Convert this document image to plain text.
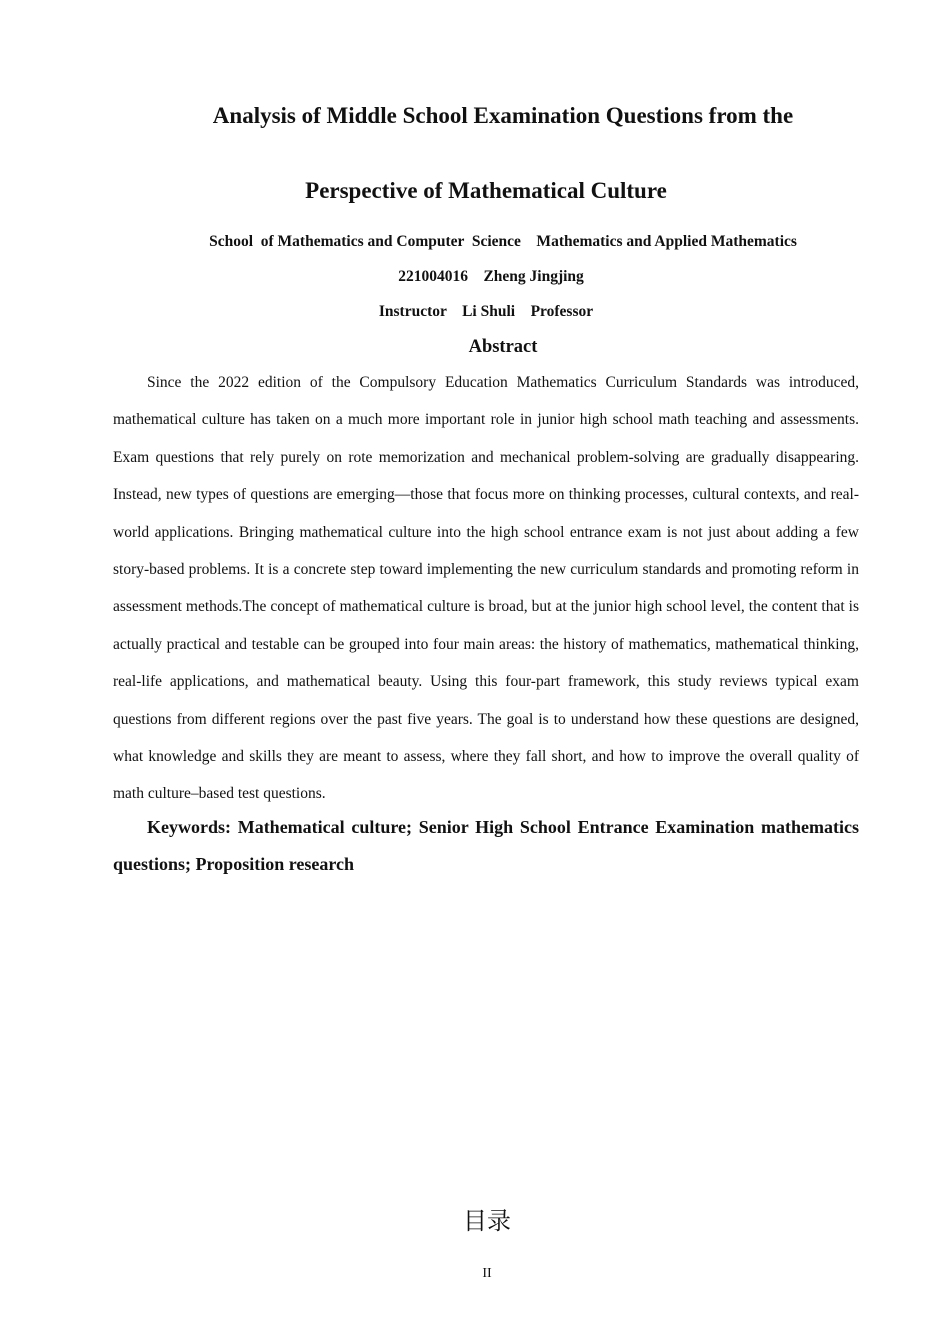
Analysis of Middle School Examination Questions from the
Perspective of Mathematical Culture
School  of Mathematics and Computer  Science    Mathematics and Applied Mathematics
221004016    Zheng Jingjing
Instructor    Li Shuli    Professor
Abstract

Since the 2022 edition of the Compulsory Education Mathematics Curriculum Standards was introduced, mathematical culture has taken on a much more important role in junior high school math teaching and assessments. Exam questions that rely purely on rote memorization and mechanical problem-solving are gradually disappearing. Instead, new types of questions are emerging—those that focus more on thinking processes, cultural contexts, and real-world applications. Bringing mathematical culture into the high school entrance exam is not just about adding a few story-based problems. It is a concrete step toward implementing the new curriculum standards and promoting reform in assessment methods.The concept of mathematical culture is broad, but at the junior high school level, the content that is actually practical and testable can be grouped into four main areas: the history of mathematics, mathematical thinking, real-life applications, and mathematical beauty. Using this four-part framework, this study reviews typical exam questions from different regions over the past five years. The goal is to understand how these questions are designed, what knowledge and skills they are meant to assess, where they fall short, and how to improve the overall quality of math culture–based test questions.

Keywords: Mathematical culture; Senior High School Entrance Examination mathematics questions; Proposition research

目录
II
